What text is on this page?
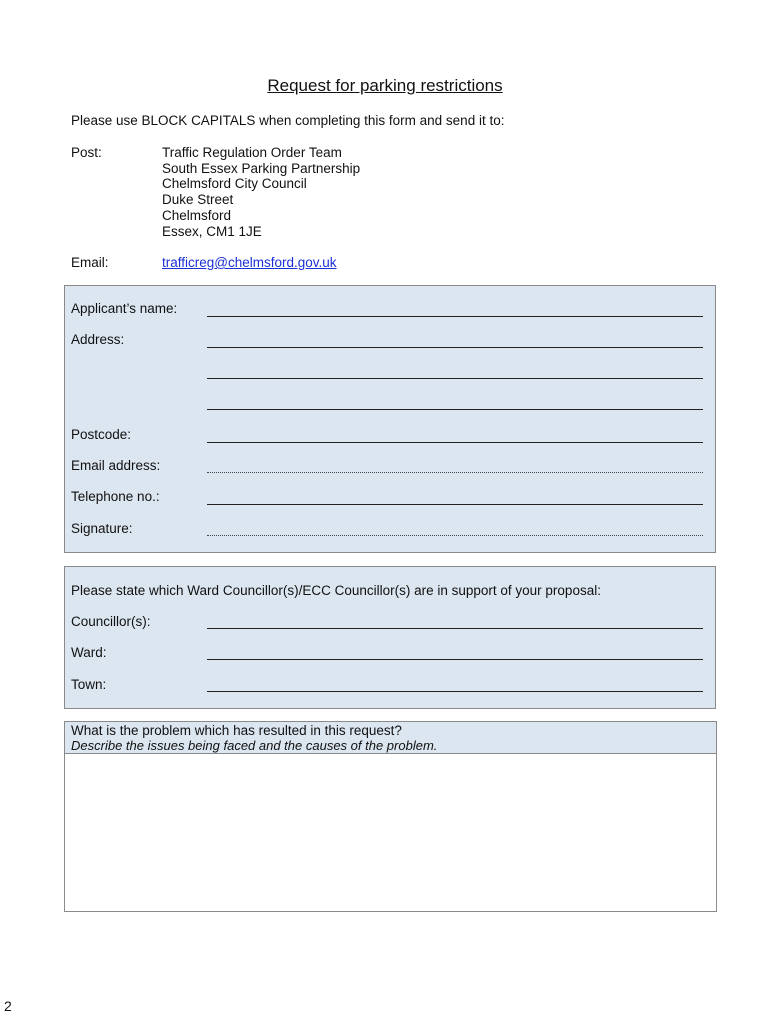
Request for parking restrictions
Please use BLOCK CAPITALS when completing this form and send it to:
Post:	Traffic Regulation Order Team
South Essex Parking Partnership
Chelmsford City Council
Duke Street
Chelmsford
Essex, CM1 1JE
Email:	trafficreg@chelmsford.gov.uk
Applicant’s name:
Address:
Postcode:
Email address:
Telephone no.:
Signature:
Please state which Ward Councillor(s)/ECC Councillor(s) are in support of your proposal:
Councillor(s):
Ward:
Town:
What is the problem which has resulted in this request?
Describe the issues being faced and the causes of the problem.
2
